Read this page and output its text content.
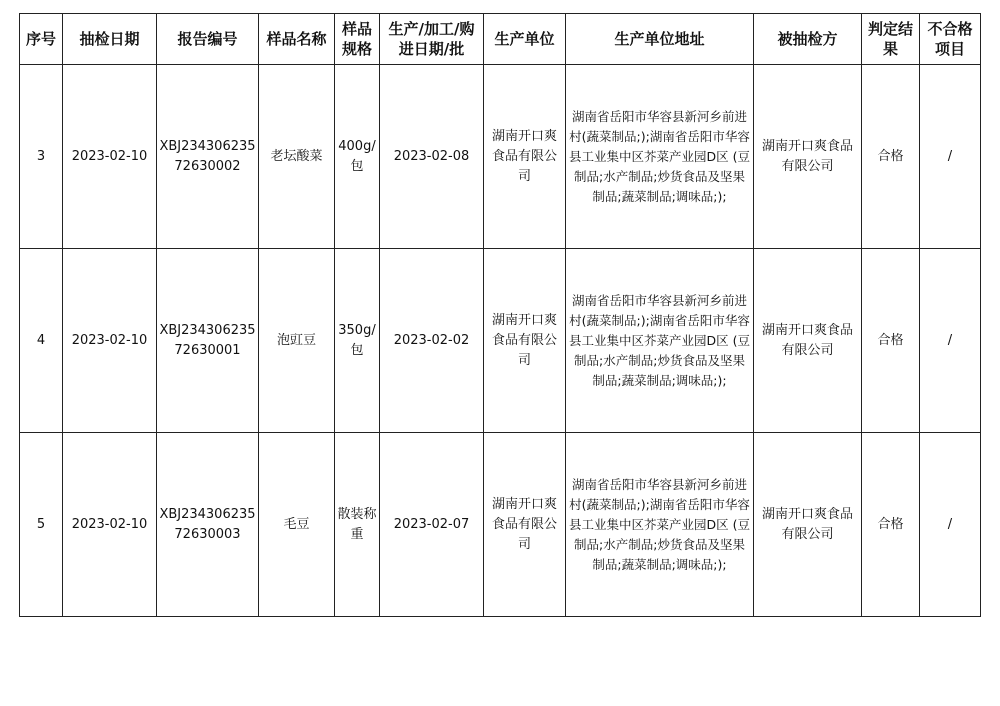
序号	抽检日期	报告编号	样品名称	样品规格	生产/加工/购进日期/批	生产单位	生产单位地址	被抽检方	判定结果	不合格项目
3	2023-02-10	XBJ23430623572630002	老坛酸菜	400g/包	2023-02-08	湖南开口爽食品有限公司	湖南省岳阳市华容县新河乡前进村(蔬菜制品;);湖南省岳阳市华容县工业集中区芥菜产业园D区 (豆制品;水产制品;炒货食品及坚果制品;蔬菜制品;调味品;);	湖南开口爽食品有限公司	合格	/
4	2023-02-10	XBJ23430623572630001	泡豇豆	350g/包	2023-02-02	湖南开口爽食品有限公司	湖南省岳阳市华容县新河乡前进村(蔬菜制品;);湖南省岳阳市华容县工业集中区芥菜产业园D区 (豆制品;水产制品;炒货食品及坚果制品;蔬菜制品;调味品;);	湖南开口爽食品有限公司	合格	/
5	2023-02-10	XBJ23430623572630003	毛豆	散装称重	2023-02-07	湖南开口爽食品有限公司	湖南省岳阳市华容县新河乡前进村(蔬菜制品;);湖南省岳阳市华容县工业集中区芥菜产业园D区 (豆制品;水产制品;炒货食品及坚果制品;蔬菜制品;调味品;);	湖南开口爽食品有限公司	合格	/
